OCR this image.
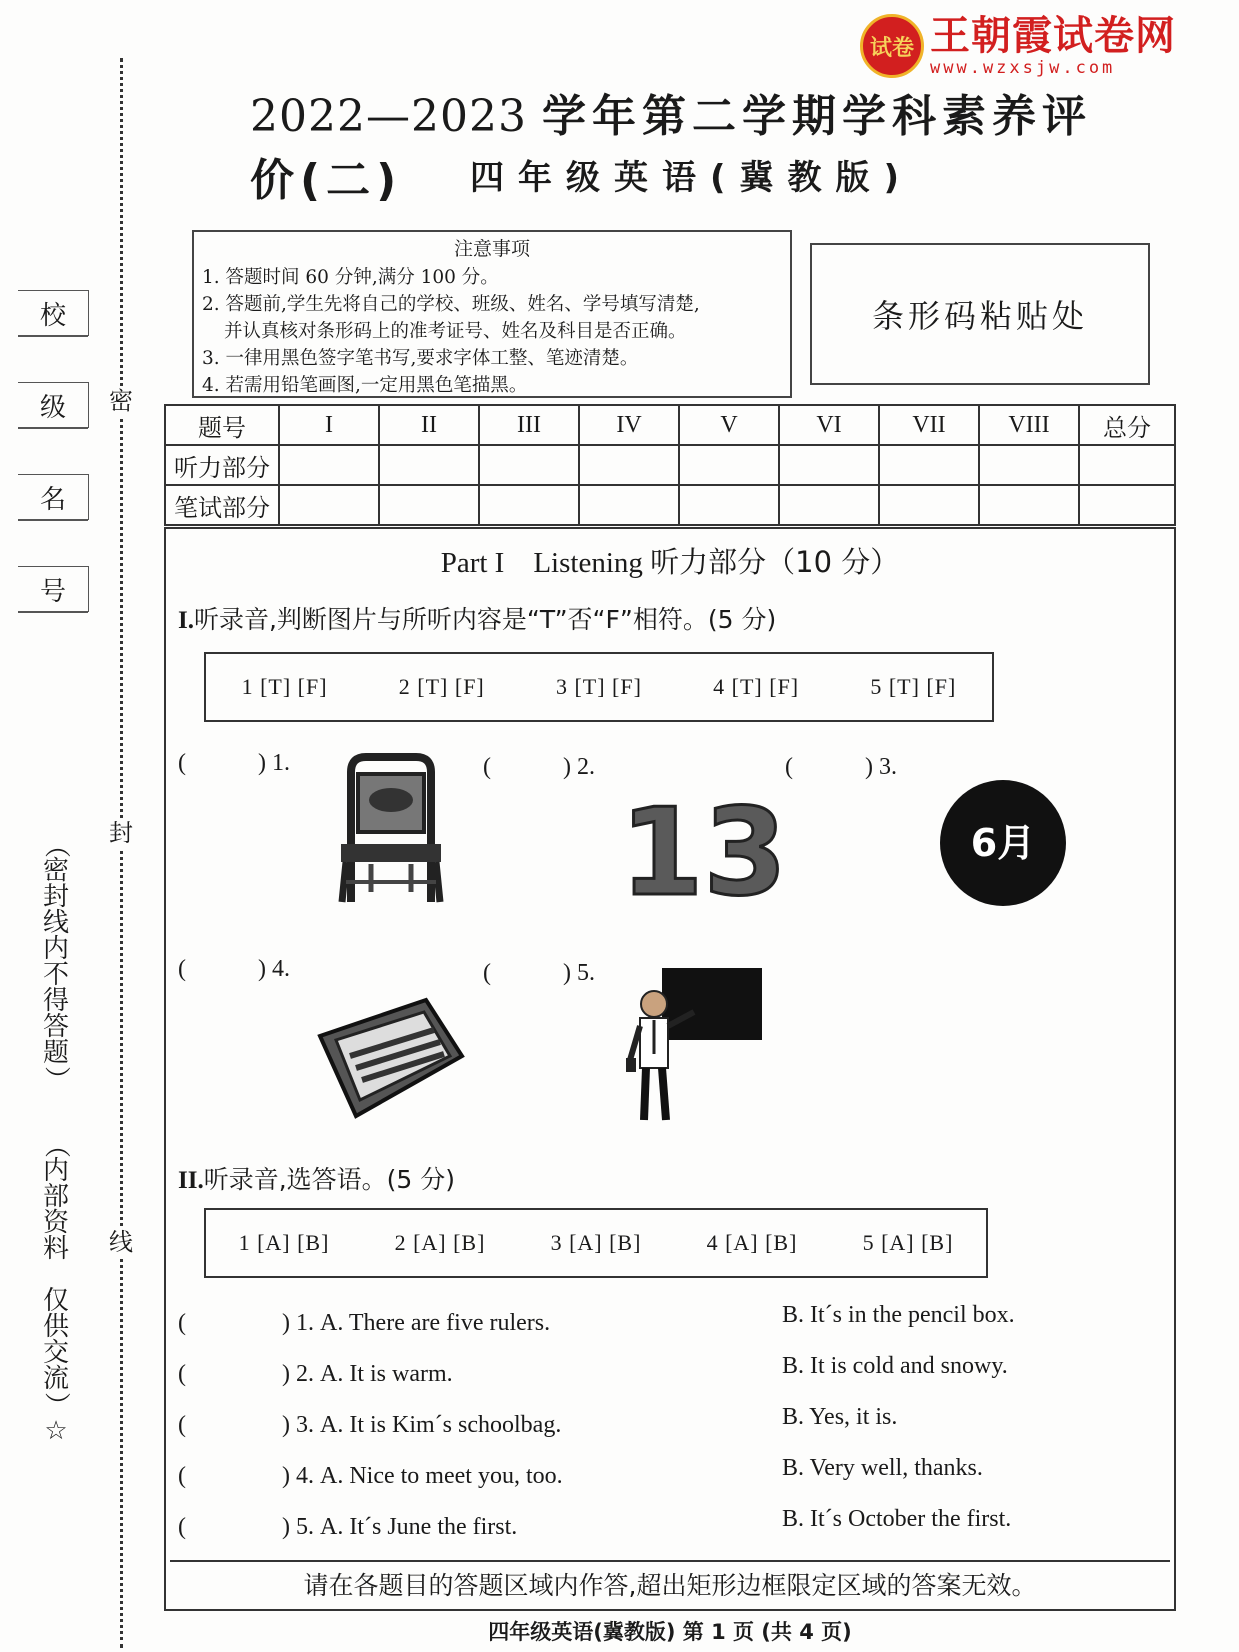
试卷 王朝霞试卷网
www.wzxsjw.com
密
封
线
校
级
名
号
（
密
封
线
内
不
得
答
题
）
（
内
部
资
料

仅
供
交
流
）
☆
2022—2023 学年第二学期学科素养评价(二)	四年级英语(冀教版)
注意事项
1. 答题时间 60 分钟,满分 100 分。
2. 答题前,学生先将自己的学校、班级、姓名、学号填写清楚,
并认真核对条形码上的准考证号、姓名及科目是否正确。
3. 一律用黑色签字笔书写,要求字体工整、笔迹清楚。
4. 若需用铅笔画图,一定用黑色笔描黑。
条形码粘贴处
题号	I	II	III	IV	V	VI	VII	VIII	总分
听力部分									
笔试部分									
Part I　Listening 听力部分（10 分）
I.听录音,判断图片与所听内容是“T”否“F”相符。(5 分)
1 [T] [F]	2 [T] [F]	3 [T] [F]	4 [T] [F]	5 [T] [F]
(　　　) 1.	(　　　) 2.	(　　　) 3.
13	6月
(　　　) 4.	(　　　) 5.
II.听录音,选答语。(5 分)
1 [A] [B]	2 [A] [B]	3 [A] [B]	4 [A] [B]	5 [A] [B]
(　　　　) 1. A. There are five rulers.	B. It´s in the pencil box.
(　　　　) 2. A. It is warm.	B. It is cold and snowy.
(　　　　) 3. A. It is Kim´s schoolbag.	B. Yes, it is.
(　　　　) 4. A. Nice to meet you, too.	B. Very well, thanks.
(　　　　) 5. A. It´s June the first.	B. It´s October the first.
请在各题目的答题区域内作答,超出矩形边框限定区域的答案无效。
四年级英语(冀教版) 第 1 页 (共 4 页)
